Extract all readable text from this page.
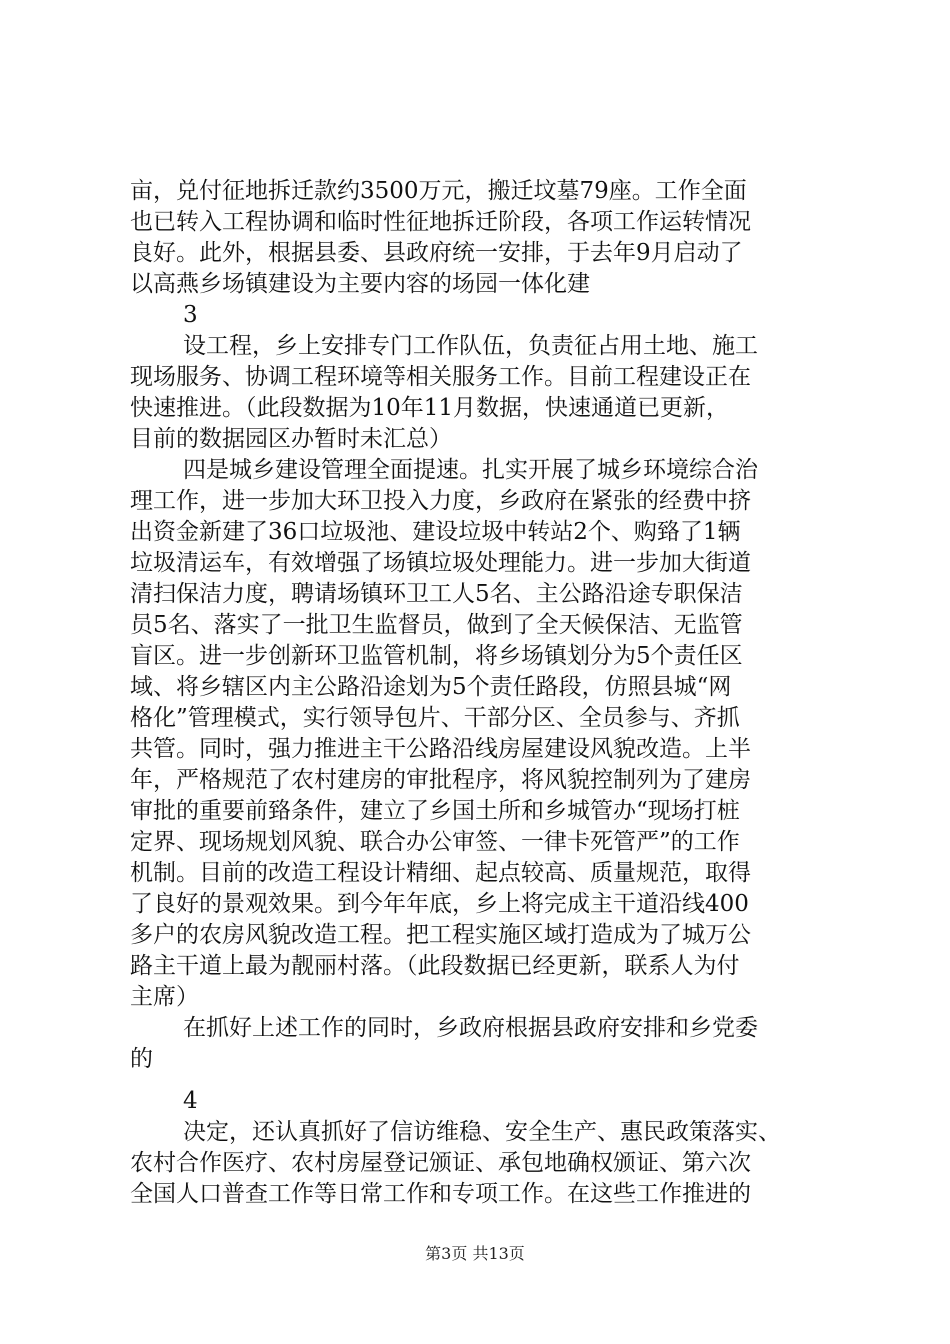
亩，兑付征地拆迁款约3500万元，搬迁坟墓79座。工作全面
也已转入工程协调和临时性征地拆迁阶段，各项工作运转情况
良好。此外，根据县委、县政府统一安排，于去年9月启动了
以高燕乡场镇建设为主要内容的场园一体化建
3
设工程，乡上安排专门工作队伍，负责征占用土地、施工
现场服务、协调工程环境等相关服务工作。目前工程建设正在
快速推进。（此段数据为10年11月数据，快速通道已更新，
目前的数据园区办暂时未汇总）
四是城乡建设管理全面提速。扎实开展了城乡环境综合治
理工作，进一步加大环卫投入力度，乡政府在紧张的经费中挤
出资金新建了36口垃圾池、建设垃圾中转站2个、购臵了1辆
垃圾清运车，有效增强了场镇垃圾处理能力。进一步加大街道
清扫保洁力度，聘请场镇环卫工人5名、主公路沿途专职保洁
员5名、落实了一批卫生监督员，做到了全天候保洁、无监管
盲区。进一步创新环卫监管机制，将乡场镇划分为5个责任区
域、将乡辖区内主公路沿途划为5个责任路段，仿照县城“网
格化”管理模式，实行领导包片、干部分区、全员参与、齐抓
共管。同时，强力推进主干公路沿线房屋建设风貌改造。上半
年，严格规范了农村建房的审批程序，将风貌控制列为了建房
审批的重要前臵条件，建立了乡国土所和乡城管办“现场打桩
定界、现场规划风貌、联合办公审签、一律卡死管严”的工作
机制。目前的改造工程设计精细、起点较高、质量规范，取得
了良好的景观效果。到今年年底，乡上将完成主干道沿线400
多户的农房风貌改造工程。把工程实施区域打造成为了城万公
路主干道上最为靓丽村落。（此段数据已经更新，联系人为付
主席）
在抓好上述工作的同时，乡政府根据县政府安排和乡党委
的
4
决定，还认真抓好了信访维稳、安全生产、惠民政策落实、
农村合作医疗、农村房屋登记颁证、承包地确权颁证、第六次
全国人口普查工作等日常工作和专项工作。在这些工作推进的
第3页 共13页
